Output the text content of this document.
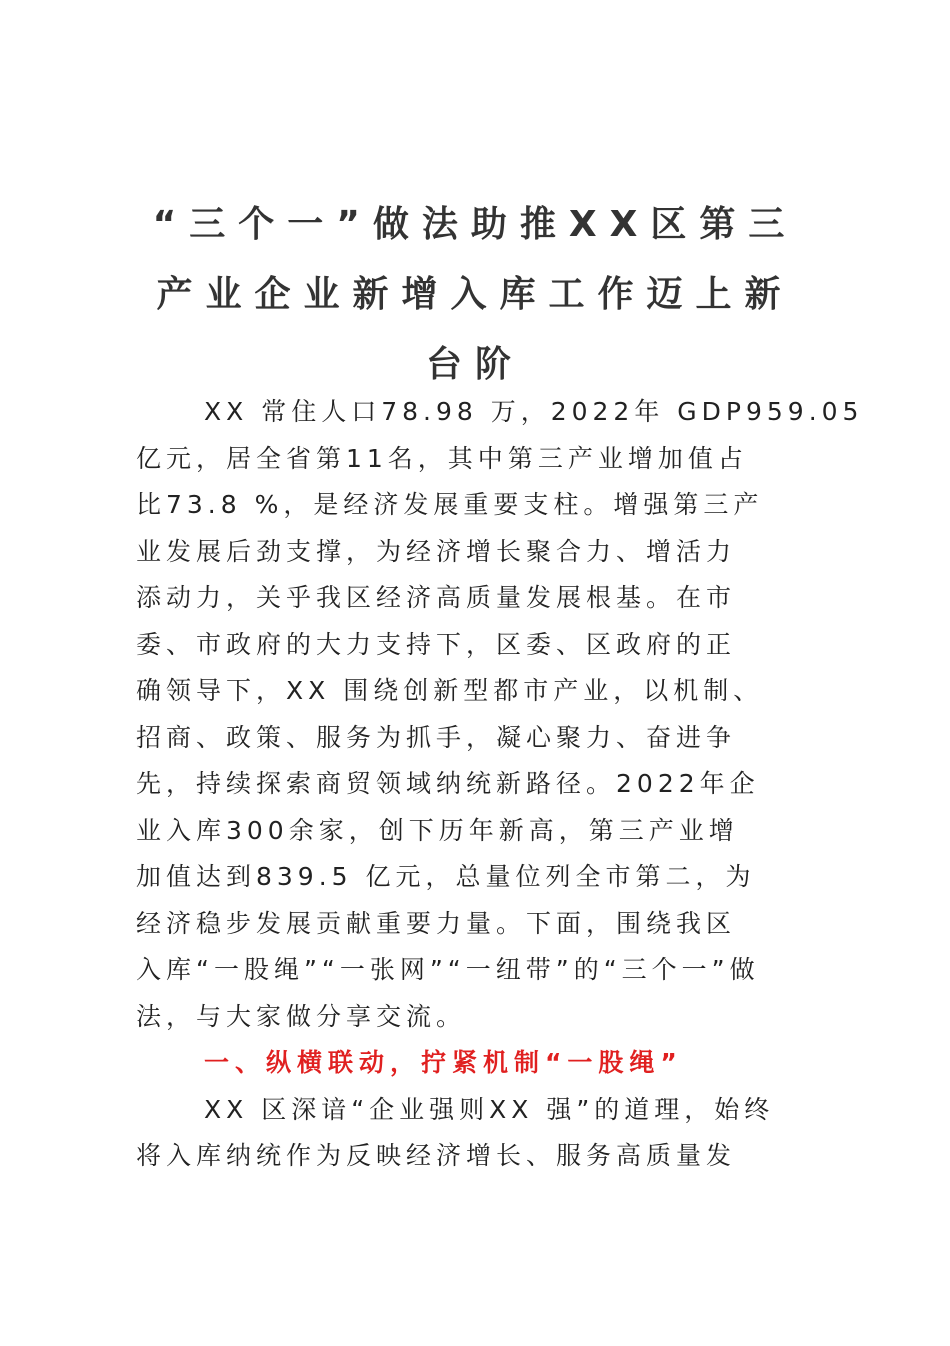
“三个一”做法助推XX区第三
产业企业新增入库工作迈上新
台阶
XX 常住人口78.98 万，2022年 GDP959.05
亿元，居全省第11名，其中第三产业增加值占
比73.8 %，是经济发展重要支柱。增强第三产
业发展后劲支撑，为经济增长聚合力、增活力
添动力，关乎我区经济高质量发展根基。在市
委、市政府的大力支持下，区委、区政府的正
确领导下，XX 围绕创新型都市产业，以机制、
招商、政策、服务为抓手，凝心聚力、奋进争
先，持续探索商贸领域纳统新路径。2022年企
业入库300余家，创下历年新高，第三产业增
加值达到839.5 亿元，总量位列全市第二，为
经济稳步发展贡献重要力量。下面，围绕我区
入库“一股绳”“一张网”“一纽带”的“三个一”做
法，与大家做分享交流。
一、纵横联动，拧紧机制“一股绳”
XX 区深谙“企业强则XX 强”的道理，始终
将入库纳统作为反映经济增长、服务高质量发
